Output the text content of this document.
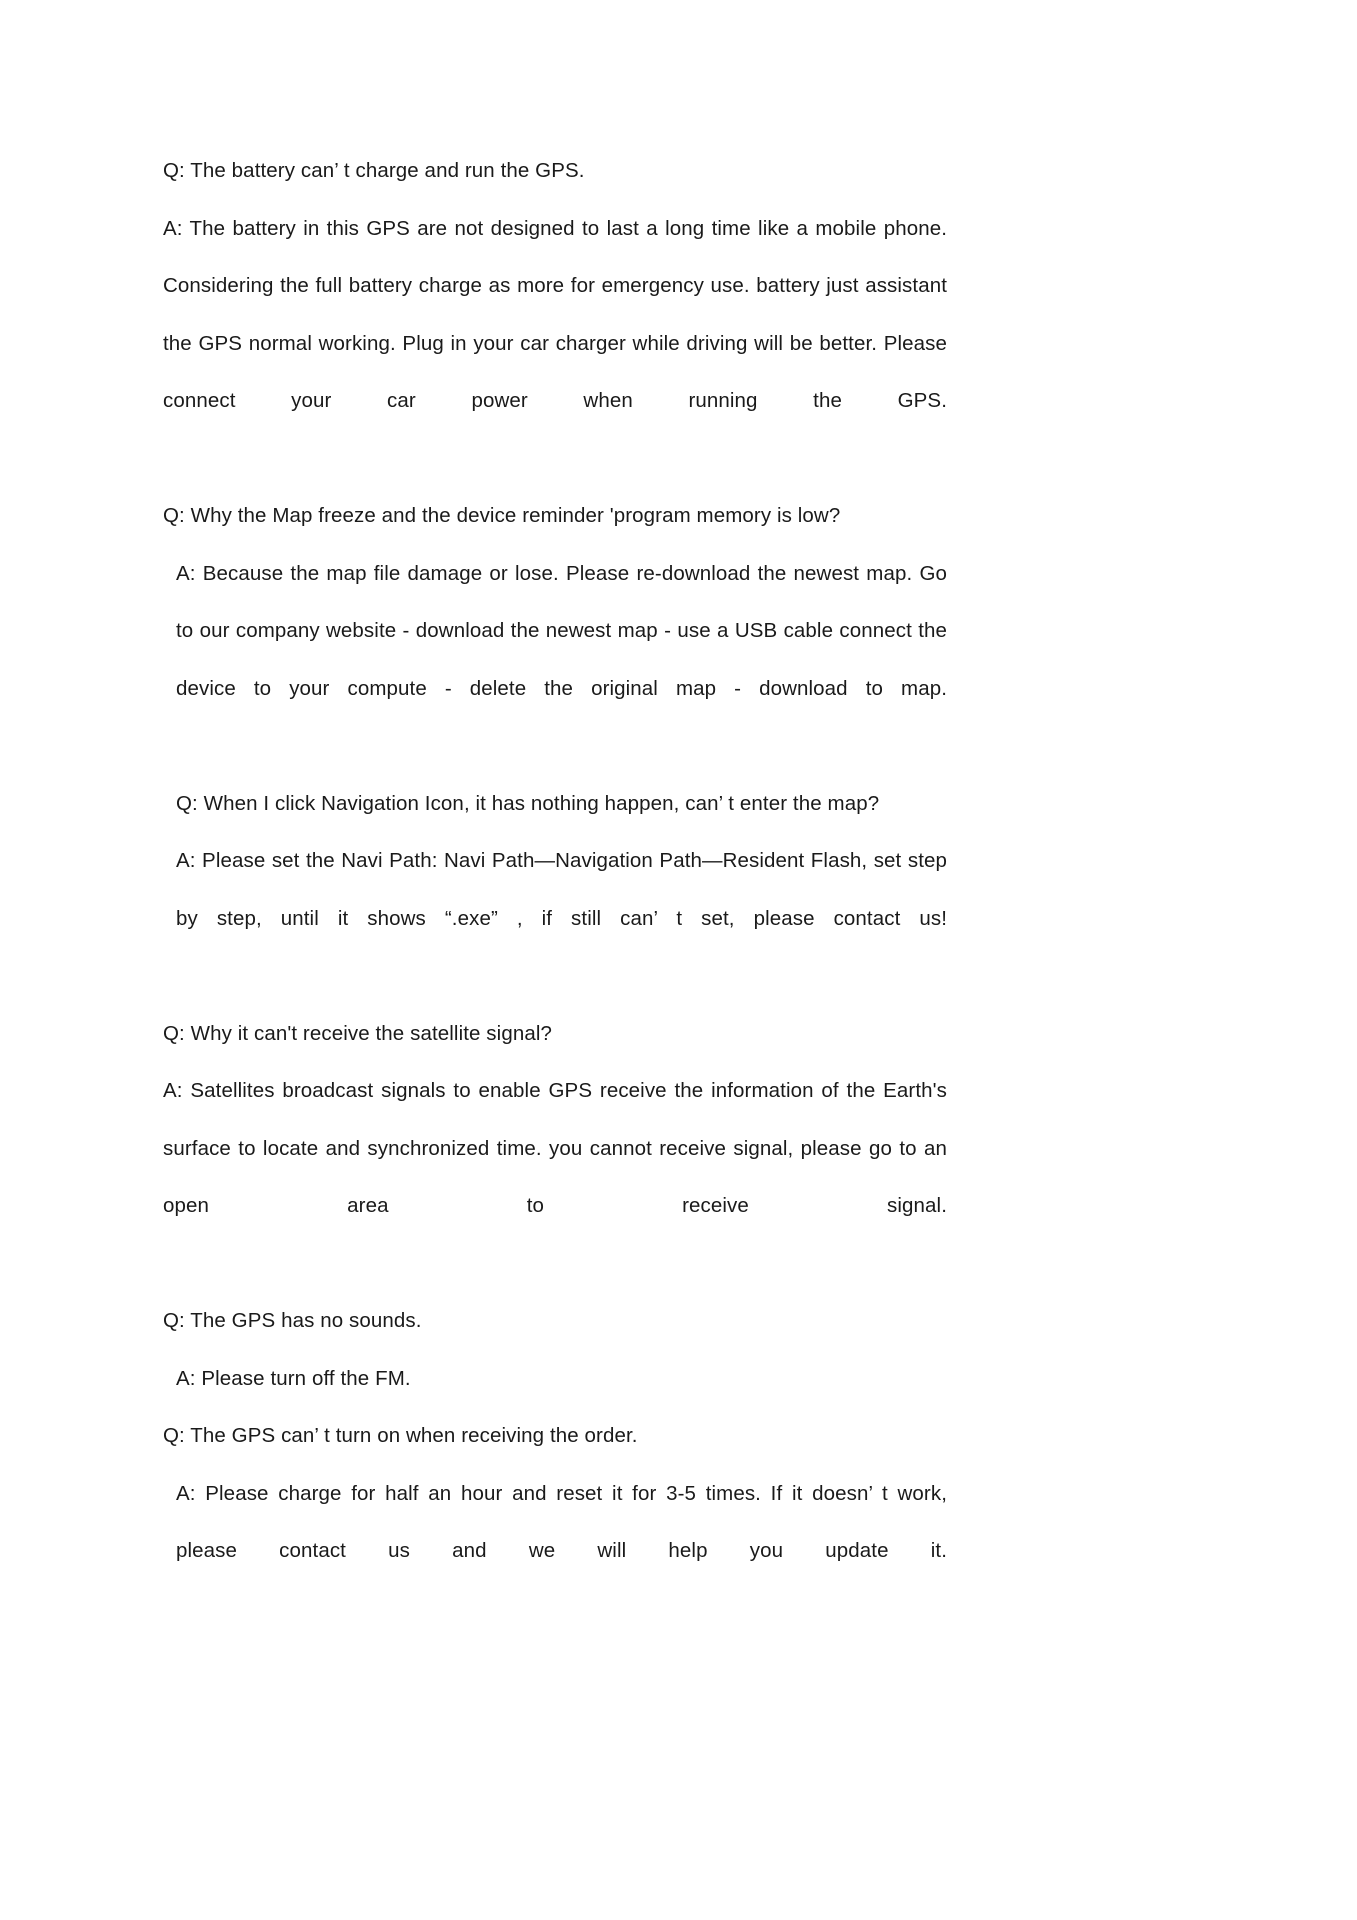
Q: The battery can’ t charge and run the GPS.

A: The battery in this GPS are not designed to last a long time like a mobile phone. Considering the full battery charge as more for emergency use. battery just assistant the GPS normal working. Plug in your car charger while driving will be better. Please connect your car power when running the GPS.

Q: Why the Map freeze and the device reminder 'program memory is low?

A: Because the map file damage or lose. Please re-download the newest map. Go to our company website - download the newest map - use a USB cable connect the device to your compute - delete the original map - download to map.

Q: When I click Navigation Icon, it has nothing happen, can’ t enter the map?

A: Please set the Navi Path: Navi Path—Navigation Path—Resident Flash, set step by step, until it shows “.exe” , if still can’ t set, please contact us!

Q: Why it can't receive the satellite signal?

A: Satellites broadcast signals to enable GPS receive the information of the Earth's surface to locate and synchronized time. you cannot receive signal, please go to an open area to receive signal.

Q: The GPS has no sounds.

A: Please turn off the FM.

Q: The GPS can’ t turn on when receiving the order.

A: Please charge for half an hour and reset it for 3-5 times. If it doesn’ t work, please contact us and we will help you update it.
